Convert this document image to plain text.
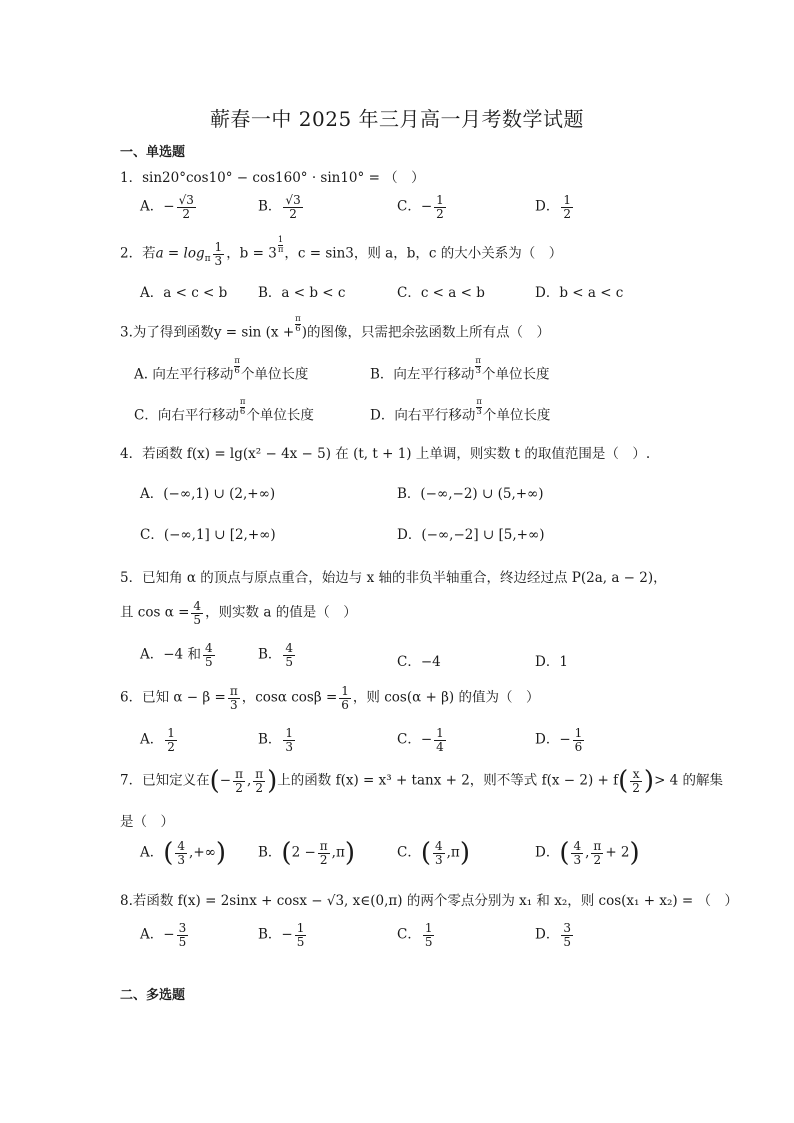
蕲春一中 2025 年三月高一月考数学试题
一、单选题
1．sin20°cos10° − cos160° · sin10° = （　）
A．− $\frac{√3}{2}$	B． $\frac{√3}{2}$	C．− $\frac{1}{2}$	D． $\frac{1}{2}$
2．若$a = \log_\pi \frac{1}{3}$ ，$b = 3 \frac{1}{\pi}$ ，c = sin3，则 a，b，c 的大小关系为（　）
A．a < c < b B．a < b < c	C．c < a < b	D．b < a < c
3.为了得到函数$y = \sin (x + \frac{\pi}{6}$ )的图像，只需把余弦函数上所有点（　）
A. 向左平行移动 $\frac{\pi}{6}$ 个单位长度	B．向左平行移动 $\frac{\pi}{3}$ 个单位长度
C．向右平行移动 $\frac{\pi}{6}$ 个单位长度	D．向右平行移动 $\frac{\pi}{3}$ 个单位长度
4．若函数 f(x) = lg(x² − 4x − 5) 在 (t, t + 1) 上单调，则实数 t 的取值范围是（　）.
A．(−∞,1) ∪ (2,+∞)	B．(−∞,−2) ∪ (5,+∞)
C．(−∞,1] ∪ [2,+∞)	D．(−∞,−2] ∪ [5,+∞)
5．已知角 α 的顶点与原点重合，始边与 x 轴的非负半轴重合，终边经过点 P(2a, a − 2)，
且 $\cos \alpha = \frac{4}{5}$ ，则实数 a 的值是（　）
A．−4 和 $\frac{4}{5}$	B． $\frac{4}{5}$	C．−4	D．1
6．已知 $\alpha - \beta = \frac{\pi}{3}$ ，cosα $\cos\beta = \frac{1}{6}$ ，则 cos(α + β) 的值为（　）
A． $\frac{1}{2}$	B． $\frac{1}{3}$	C．− $\frac{1}{4}$	D．− $\frac{1}{6}$
7．已知定义在(− $\frac{\pi}{2}$ , $\frac{\pi}{2}$ )上的函数 f(x) = x³ + tanx + 2，则不等式 $f(x - 2) + f( \frac{x}{2}$ )> 4 的解集
是（　）
A．( $\frac{4}{3}$ ,+∞) B．$(2 - \frac{\pi}{2} ,\pi)$	C．( $\frac{4}{3} ,\pi$)	D．( $\frac{4}{3}$ , $\frac{\pi}{2} + 2$)
8.若函数 f(x) = 2sinx + cosx − √3, x∈(0,π) 的两个零点分别为 x₁ 和 x₂，则 cos(x₁ + x₂) = （　）
A．− $\frac{3}{5}$	B．− $\frac{1}{5}$	C． $\frac{1}{5}$	D． $\frac{3}{5}$
二、多选题
